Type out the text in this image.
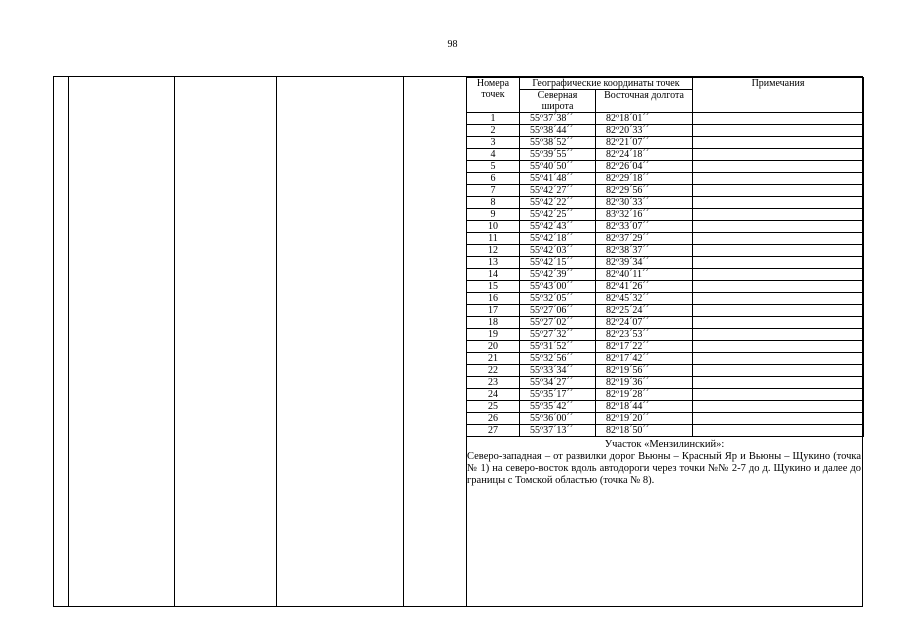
98
Номера точек	Географические координаты точек		Примечания
	Северная широта	Восточная долгота	
1	55º37´38´´	82º18´01´´	
2	55º38´44´´	82º20´33´´	
3	55º38´52´´	82º21´07´´	
4	55º39´55´´	82º24´18´´	
5	55º40´50´´	82º26´04´´	
6	55º41´48´´	82º29´18´´	
7	55º42´27´´	82º29´56´´	
8	55º42´22´´	82º30´33´´	
9	55º42´25´´	83º32´16´´	
10	55º42´43´´	82º33´07´´	
11	55º42´18´´	82º37´29´´	
12	55º42´03´´	82º38´37´´	
13	55º42´15´´	82º39´34´´	
14	55º42´39´´	82º40´11´´	
15	55º43´00´´	82º41´26´´	
16	55º32´05´´	82º45´32´´	
17	55º27´06´´	82º25´24´´	
18	55º27´02´´	82º24´07´´	
19	55º27´32´´	82º23´53´´	
20	55º31´52´´	82º17´22´´	
21	55º32´56´´	82º17´42´´	
22	55º33´34´´	82º19´56´´	
23	55º34´27´´	82º19´36´´	
24	55º35´17´´	82º19´28´´	
25	55º35´42´´	82º18´44´´	
26	55º36´00´´	82º19´20´´	
27	55º37´13´´	82º18´50´´	
Участок «Мензилинский»:
Северо-западная – от развилки дорог Вьюны – Красный Яр и Вьюны – Щукино (точка № 1) на северо-восток вдоль автодороги через точки №№ 2-7 до д. Щукино и далее до границы с Томской областью (точка № 8).
